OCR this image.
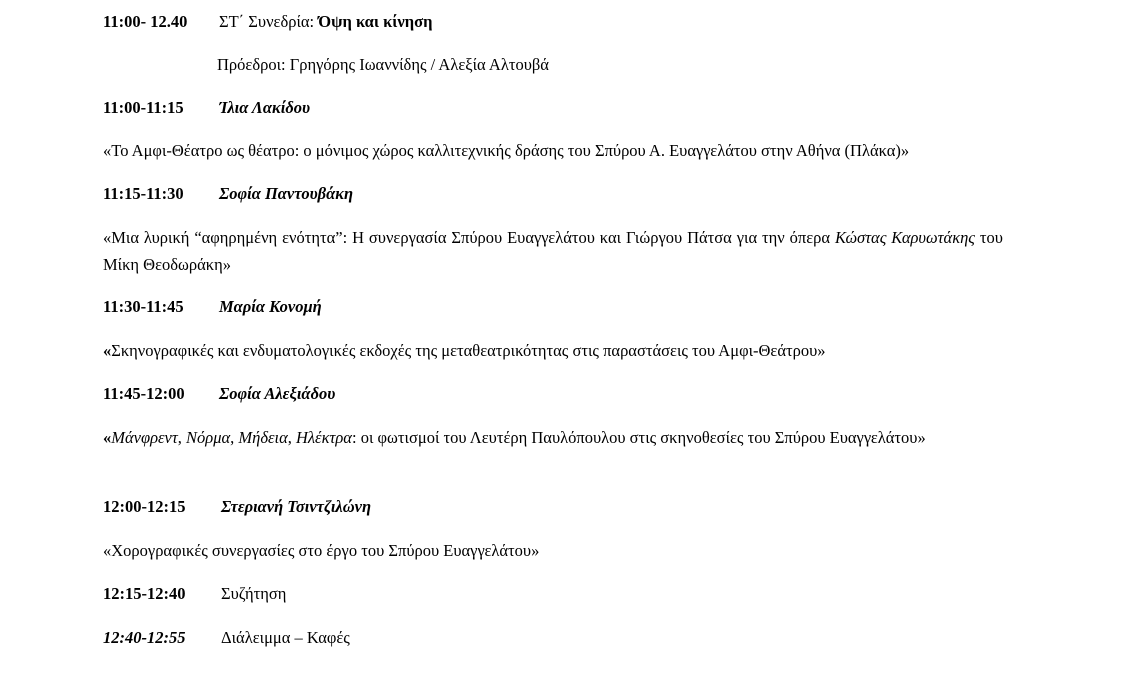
11:00- 12.40 ΣΤ΄ Συνεδρία: Όψη και κίνηση
Πρόεδροι: Γρηγόρης Ιωαννίδης / Αλεξία Αλτουβά
11:00-11:15 Ίλια Λακίδου
«Το Αμφι-Θέατρο ως θέατρο: ο μόνιμος χώρος καλλιτεχνικής δράσης του Σπύρου Α. Ευαγγελάτου στην Αθήνα (Πλάκα)»
11:15-11:30 Σοφία Παντουβάκη
«Μια λυρική “αφηρημένη ενότητα”: Η συνεργασία Σπύρου Ευαγγελάτου και Γιώργου Πάτσα για την όπερα Κώστας Καρυωτάκης του Μίκη Θεοδωράκη»
11:30-11:45 Μαρία Κονομή
«Σκηνογραφικές και ενδυματολογικές εκδοχές της μεταθεατρικότητας στις παραστάσεις του Αμφι-Θεάτρου»
11:45-12:00 Σοφία Αλεξιάδου
«Μάνφρεντ, Νόρμα, Μήδεια, Ηλέκτρα: οι φωτισμοί του Λευτέρη Παυλόπουλου στις σκηνοθεσίες του Σπύρου Ευαγγελάτου»
12:00-12:15 Στεριανή Τσιντζιλώνη
«Χορογραφικές συνεργασίες στο έργο του Σπύρου Ευαγγελάτου»
12:15-12:40 Συζήτηση
12:40-12:55 Διάλειμμα – Καφές
